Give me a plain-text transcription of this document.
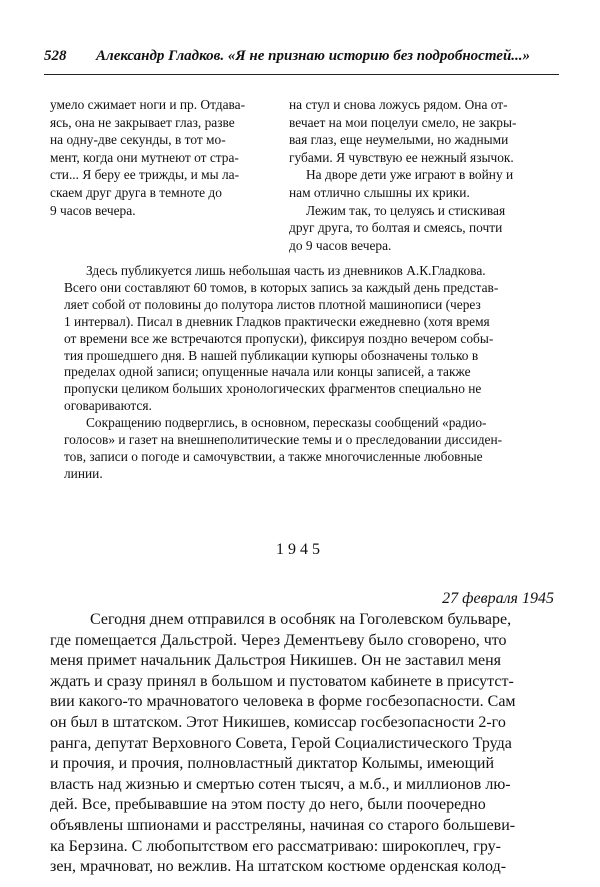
528 Александр Гладков. «Я не признаю историю без подробностей...»
умело сжимает ноги и пр. Отдава-
ясь, она не закрывает глаз, разве
на одну-две секунды, в тот мо-
мент, когда они мутнеют от стра-
сти... Я беру ее трижды, и мы ла-
скаем друг друга в темноте до
9 часов вечера.
на стул и снова ложусь рядом. Она от-
вечает на мои поцелуи смело, не закры-
вая глаз, еще неумелыми, но жадными
губами. Я чувствую ее нежный язычок.
На дворе дети уже играют в войну и
нам отлично слышны их крики.
Лежим так, то целуясь и стискивая
друг друга, то болтая и смеясь, почти
до 9 часов вечера.
Здесь публикуется лишь небольшая часть из дневников А.К.Гладкова.
Всего они составляют 60 томов, в которых запись за каждый день представ-
ляет собой от половины до полутора листов плотной машинописи (через
1 интервал). Писал в дневник Гладков практически ежедневно (хотя время
от времени все же встречаются пропуски), фиксируя поздно вечером собы-
тия прошедшего дня. В нашей публикации купюры обозначены только в
пределах одной записи; опущенные начала или концы записей, а также
пропуски целиком больших хронологических фрагментов специально не
оговариваются.
Сокращению подверглись, в основном, пересказы сообщений «радио-
голосов» и газет на внешнеполитические темы и о преследовании диссиден-
тов, записи о погоде и самочувствии, а также многочисленные любовные
линии.
1945
27 февраля 1945
Сегодня днем отправился в особняк на Гоголевском бульваре,
где помещается Дальстрой. Через Дементьеву было сговорено, что
меня примет начальник Дальстроя Никишев. Он не заставил меня
ждать и сразу принял в большом и пустоватом кабинете в присутст-
вии какого-то мрачноватого человека в форме госбезопасности. Сам
он был в штатском. Этот Никишев, комиссар госбезопасности 2-го
ранга, депутат Верховного Совета, Герой Социалистического Труда
и прочия, и прочия, полновластный диктатор Колымы, имеющий
власть над жизнью и смертью сотен тысяч, а м.б., и миллионов лю-
дей. Все, пребывавшие на этом посту до него, были поочередно
объявлены шпионами и расстреляны, начиная со старого большеви-
ка Берзина. С любопытством его рассматриваю: широкоплеч, гру-
зен, мрачноват, но вежлив. На штатском костюме орденская колод-
